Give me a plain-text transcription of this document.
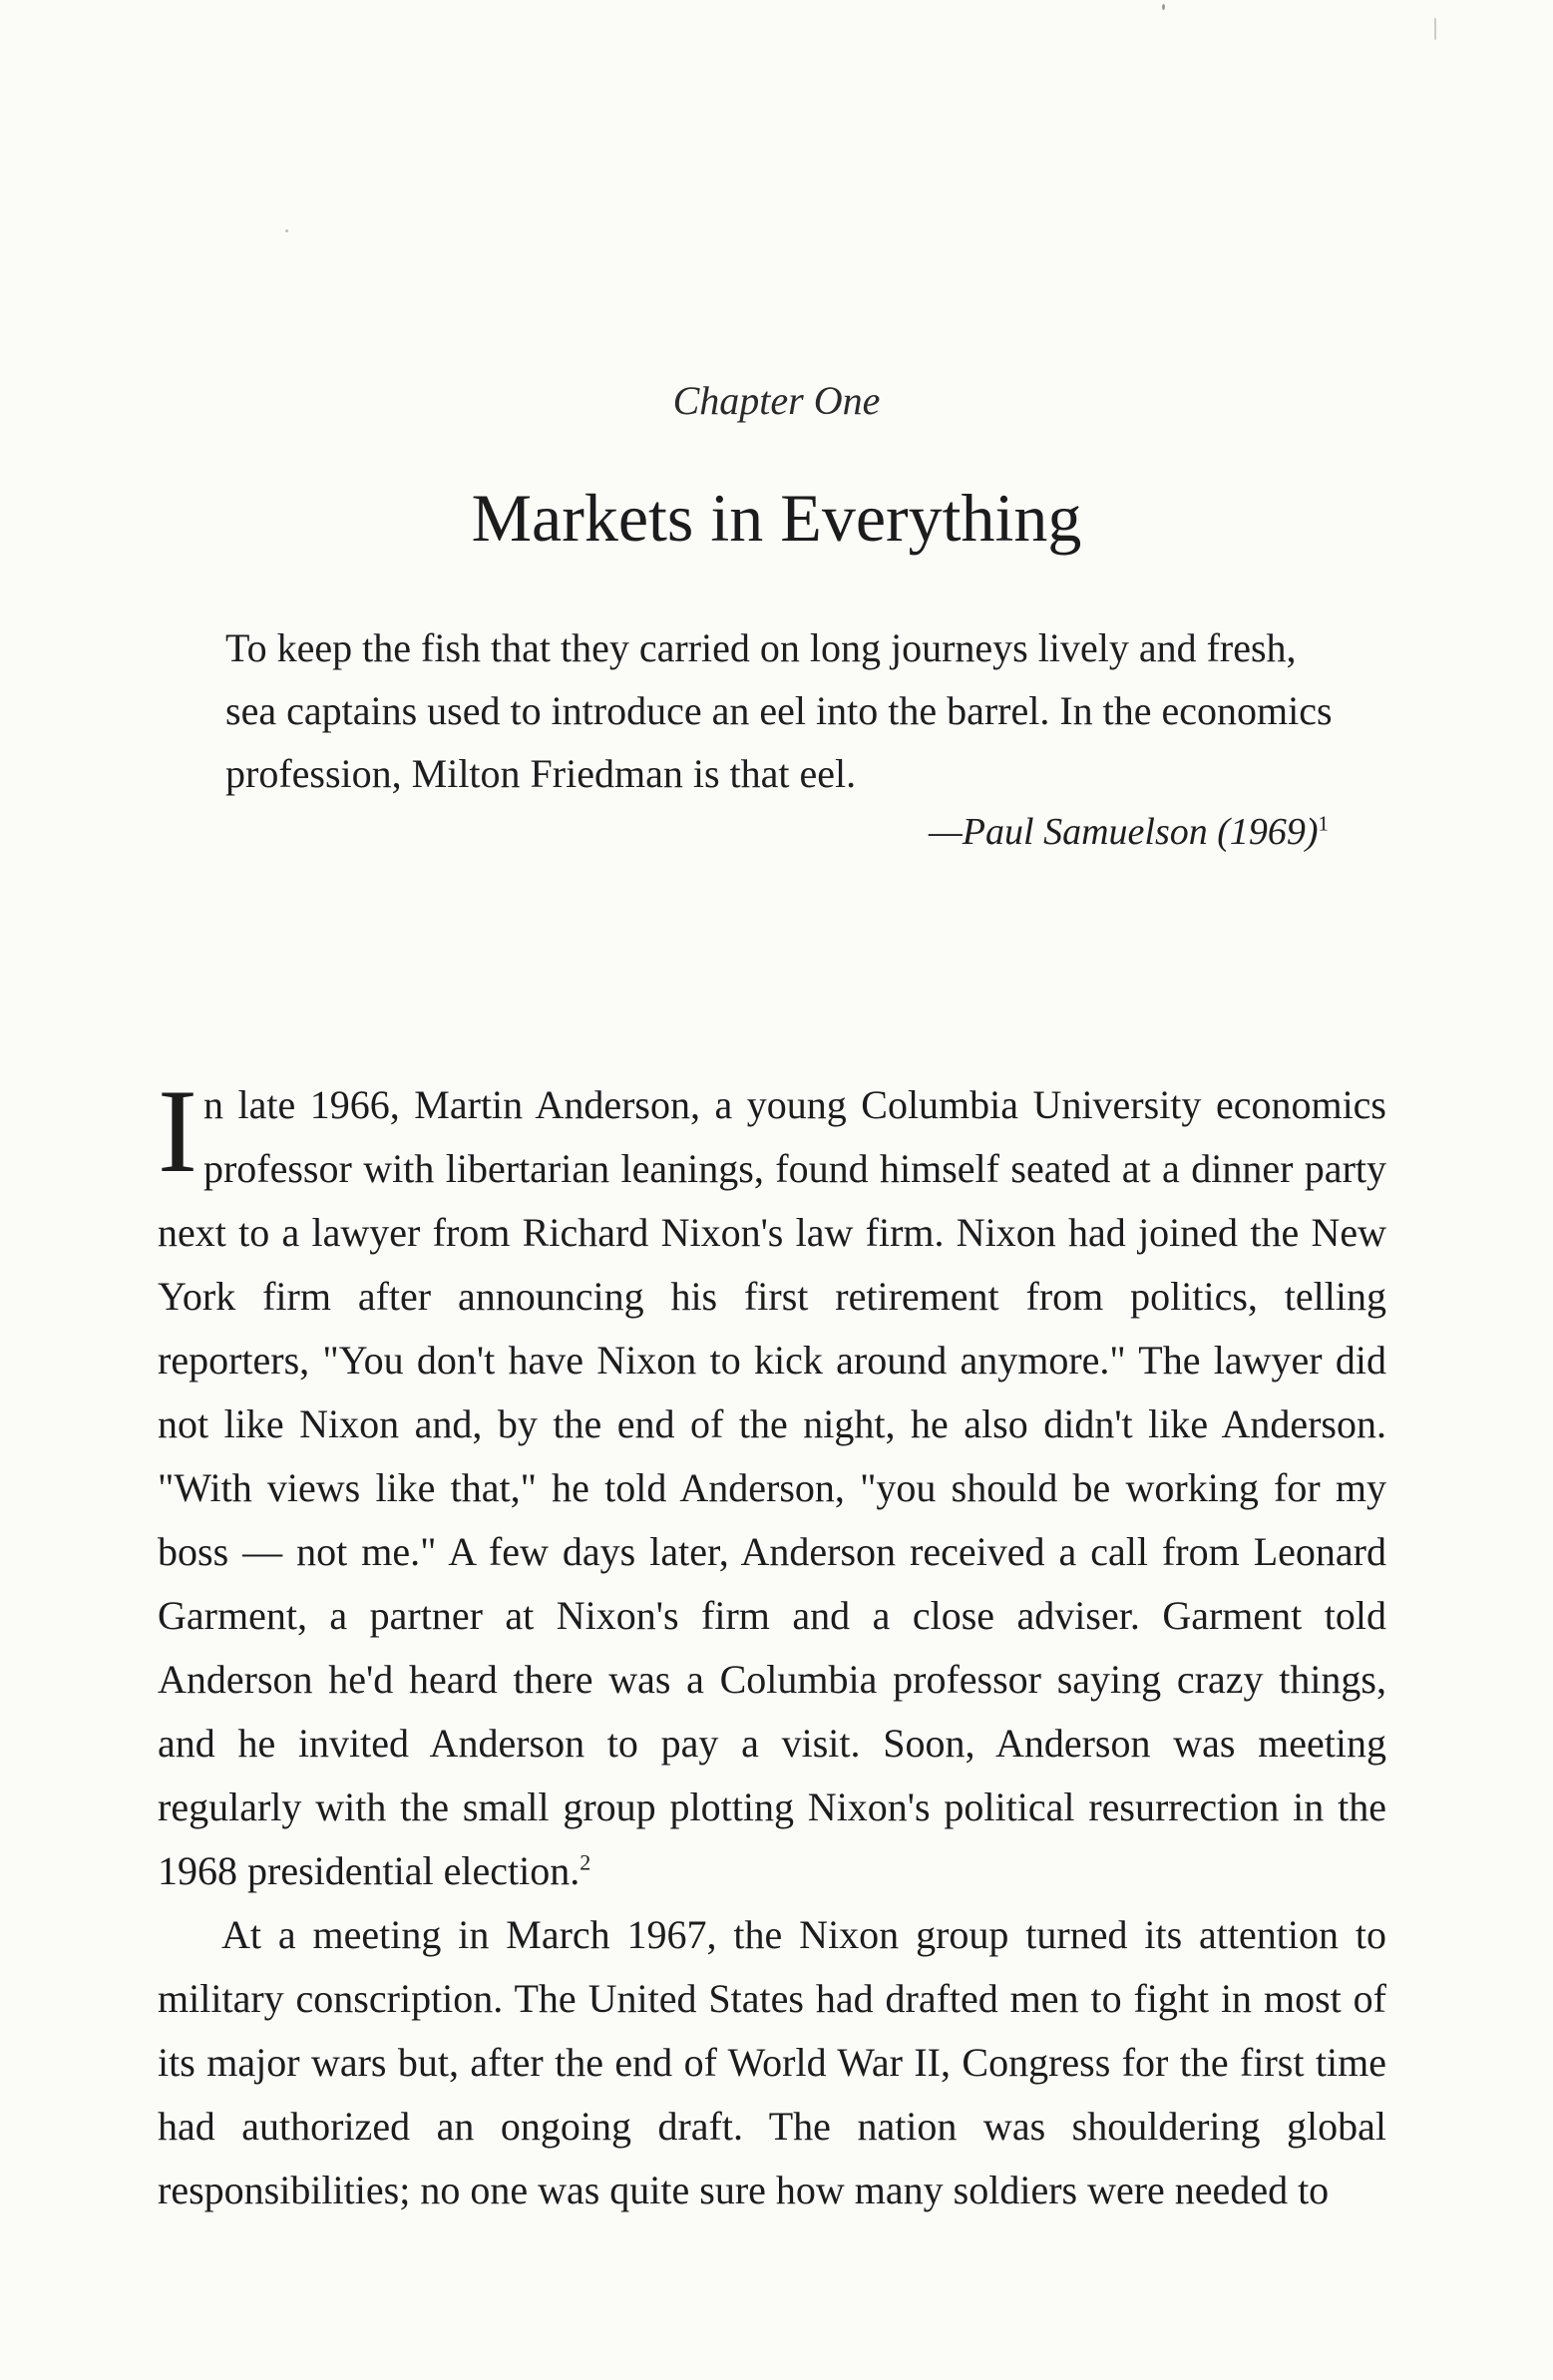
Chapter One
Markets in Everything

To keep the fish that they carried on long journeys lively and fresh, sea captains used to introduce an eel into the barrel. In the economics profession, Milton Friedman is that eel.

—Paul Samuelson $(1969)^1$

In late 1966, Martin Anderson, a young Columbia University economics professor with libertarian leanings, found himself seated at a dinner party next to a lawyer from Richard Nixon's law firm. Nixon had joined the New York firm after announcing his first retirement from politics, telling reporters, "You don't have Nixon to kick around anymore." The lawyer did not like Nixon and, by the end of the night, he also didn't like Anderson. "With views like that," he told Anderson, "you should be working for my boss — not me." A few days later, Anderson received a call from Leonard Garment, a partner at Nixon's firm and a close adviser. Garment told Anderson he'd heard there was a Columbia professor saying crazy things, and he invited Anderson to pay a visit. Soon, Anderson was meeting regularly with the small group plotting Nixon's political resurrection in the 1968 presidential election.$^2$

At a meeting in March 1967, the Nixon group turned its attention to military conscription. The United States had drafted men to fight in most of its major wars but, after the end of World War II, Congress for the first time had authorized an ongoing draft. The nation was shouldering global responsibilities; no one was quite sure how many soldiers were needed to
